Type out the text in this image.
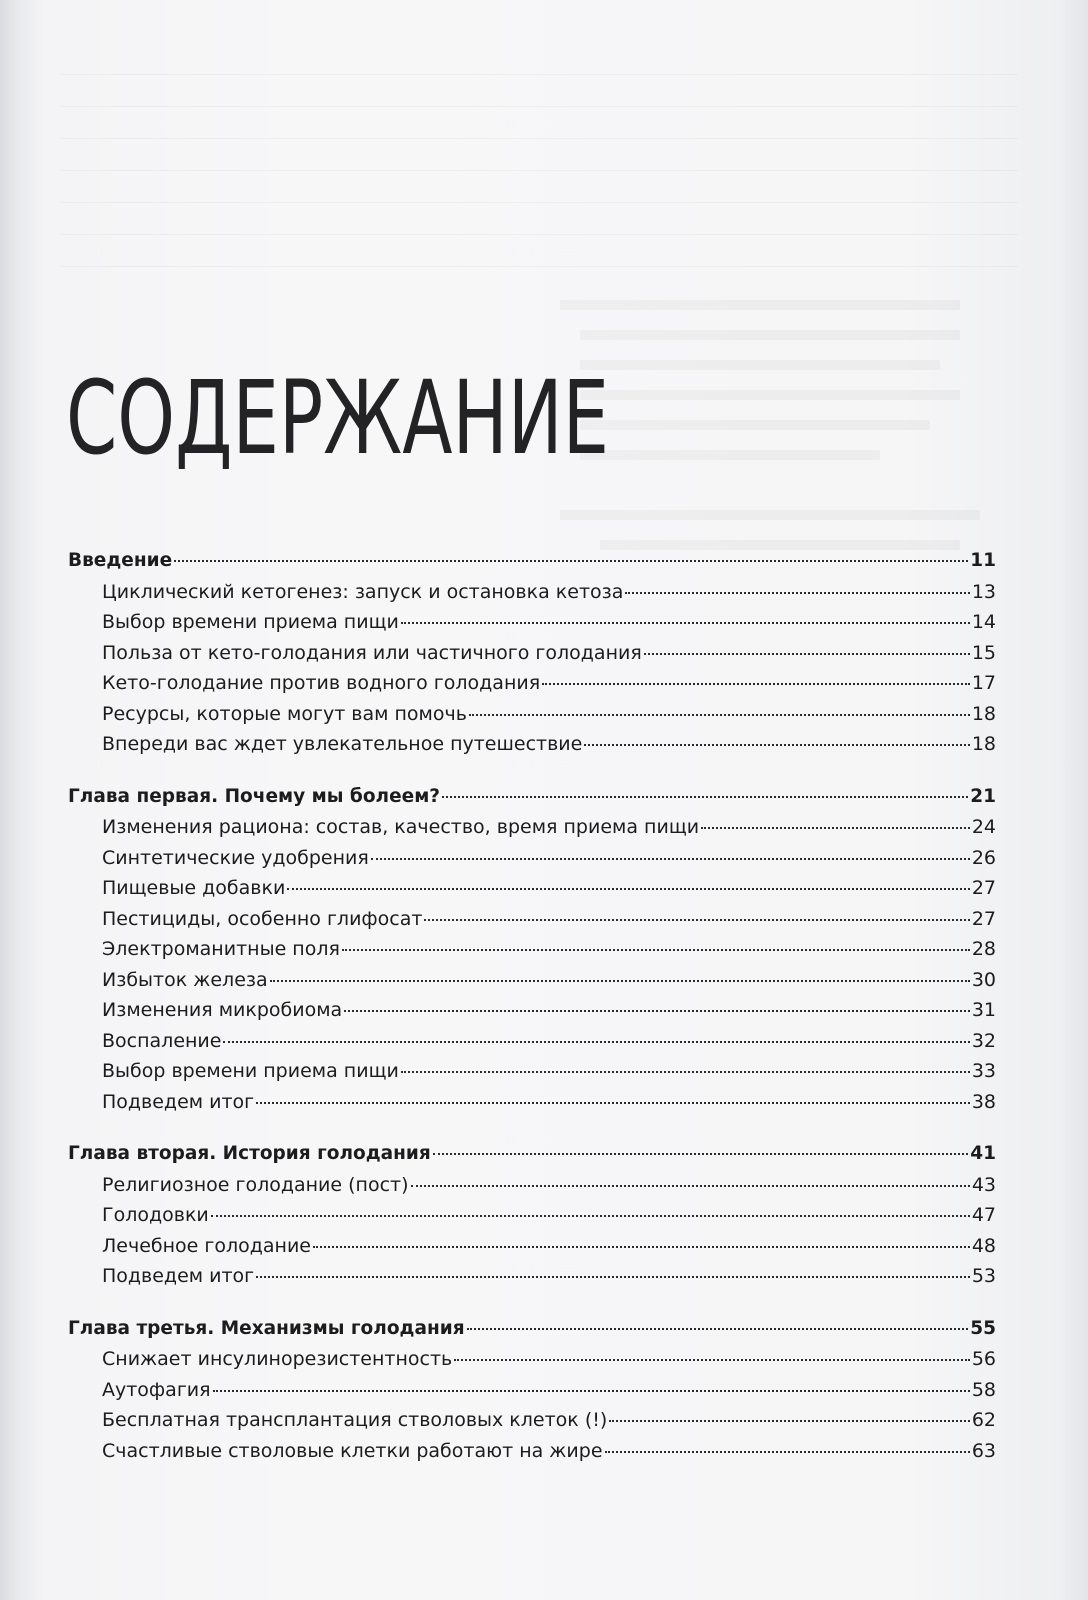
СОДЕРЖАНИЕ
Введение	11
Циклический кетогенез: запуск и остановка кетоза	13
Выбор времени приема пищи	14
Польза от кето-голодания или частичного голодания	15
Кето-голодание против водного голодания	17
Ресурсы, которые могут вам помочь	18
Впереди вас ждет увлекательное путешествие	18
Глава первая. Почему мы болеем?	21
Изменения рациона: состав, качество, время приема пищи	24
Синтетические удобрения	26
Пищевые добавки	27
Пестициды, особенно глифосат	27
Электроманитные поля	28
Избыток железа	30
Изменения микробиома	31
Воспаление	32
Выбор времени приема пищи	33
Подведем итог	38
Глава вторая. История голодания	41
Религиозное голодание (пост)	43
Голодовки	47
Лечебное голодание	48
Подведем итог	53
Глава третья. Механизмы голодания	55
Снижает инсулинорезистентность	56
Аутофагия	58
Бесплатная трансплантация стволовых клеток (!)	62
Счастливые стволовые клетки работают на жире	63
